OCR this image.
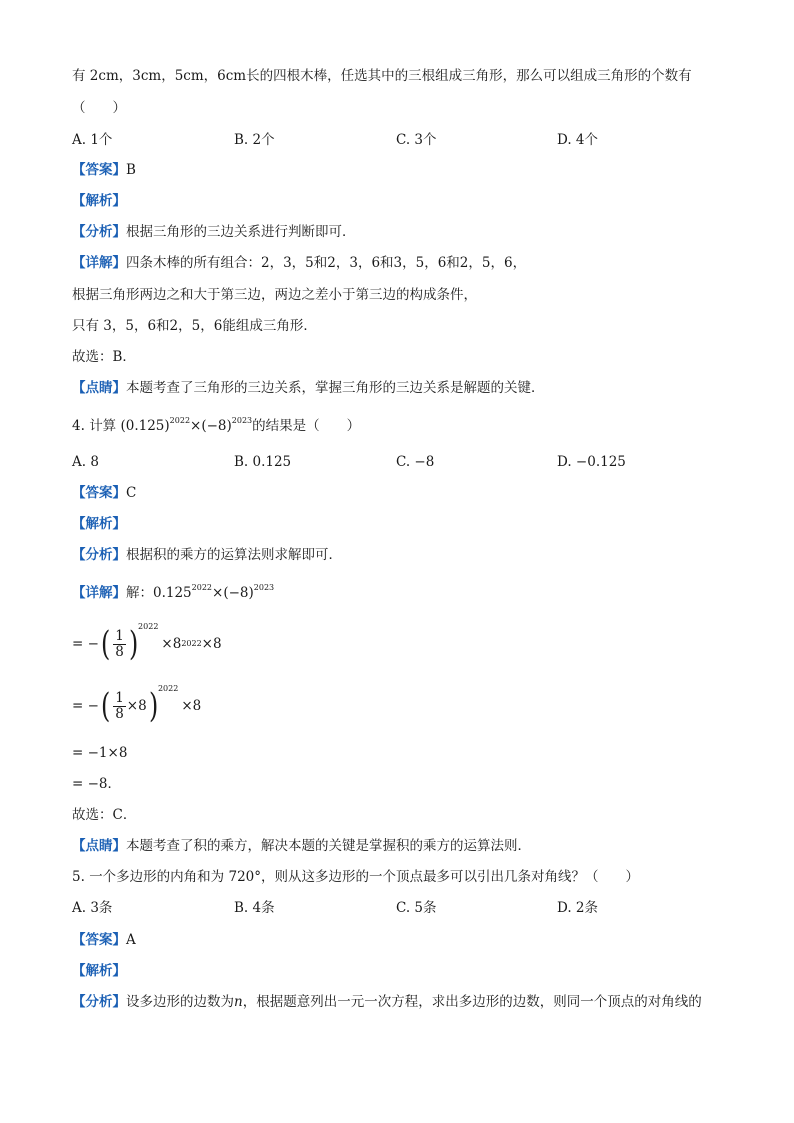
有 2cm，3cm，5cm，6cm长的四根木棒，任选其中的三根组成三角形，那么可以组成三角形的个数有
（　　）
A. 1个	B. 2个	C. 3个	D. 4个
【答案】B
【解析】
【分析】根据三角形的三边关系进行判断即可．
【详解】四条木棒的所有组合：2，3，5和2，3，6和3，5，6和2，5，6，
根据三角形两边之和大于第三边，两边之差小于第三边的构成条件，
只有 3，5，6和2，5，6能组成三角形．
故选：B．
【点睛】本题考查了三角形的三边关系，掌握三角形的三边关系是解题的关键．
4. 计算 $(0.125)^{2022}\times(-8)^{2023}$的结果是（　　）
A. 8	B. 0.125	C. −8	D. −0.125
【答案】C
【解析】
【分析】根据积的乘方的运算法则求解即可．
【详解】解：$0.125^{2022}\times(-8)^{2023}$
= − ( $\frac{1}{8}$ ) 2022
×8 2022 ×8
= − ( $\frac{1}{8} \times 8$ ) 2022
×8
= −1×8
= −8．
故选：C．
【点睛】本题考查了积的乘方，解决本题的关键是掌握积的乘方的运算法则．
5. 一个多边形的内角和为 720°，则从这多边形的一个顶点最多可以引出几条对角线？（　　）
A. 3条	B. 4条	C. 5条	D. 2条
【答案】A
【解析】
【分析】设多边形的边数为n，根据题意列出一元一次方程，求出多边形的边数，则同一个顶点的对角线的
